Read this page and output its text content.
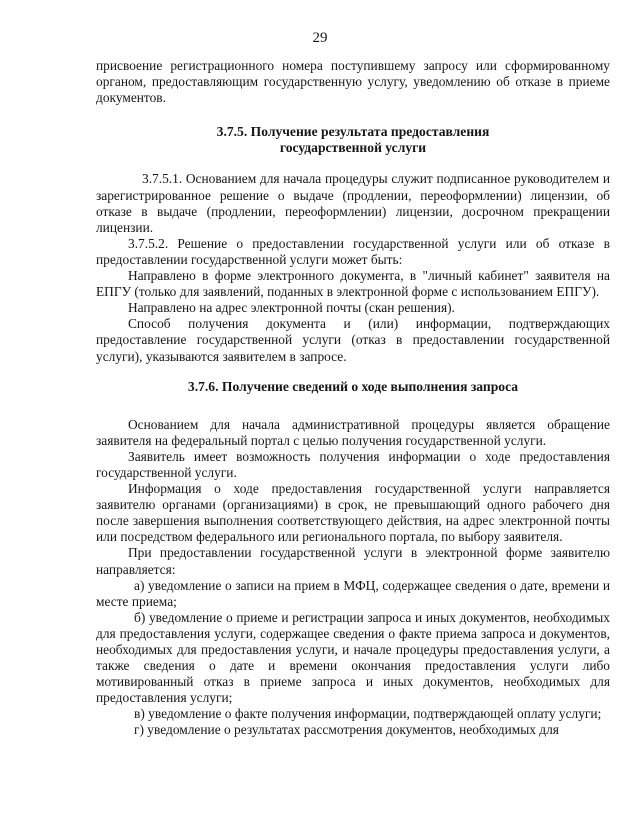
29

присвоение регистрационного номера поступившему запросу или сформированному органом, предоставляющим государственную услугу, уведомлению об отказе в приеме документов.

3.7.5. Получение результата предоставления государственной услуги

3.7.5.1. Основанием для начала процедуры служит подписанное руководителем и зарегистрированное решение о выдаче (продлении, переоформлении) лицензии, об отказе в выдаче (продлении, переоформлении) лицензии, досрочном прекращении лицензии.

3.7.5.2. Решение о предоставлении государственной услуги или об отказе в предоставлении государственной услуги может быть:

Направлено в форме электронного документа, в "личный кабинет" заявителя на ЕПГУ (только для заявлений, поданных в электронной форме с использованием ЕПГУ).

Направлено на адрес электронной почты (скан решения).

Способ получения документа и (или) информации, подтверждающих предоставление государственной услуги (отказ в предоставлении государственной услуги), указываются заявителем в запросе.

3.7.6. Получение сведений о ходе выполнения запроса

Основанием для начала административной процедуры является обращение заявителя на федеральный портал с целью получения государственной услуги.

Заявитель имеет возможность получения информации о ходе предоставления государственной услуги.

Информация о ходе предоставления государственной услуги направляется заявителю органами (организациями) в срок, не превышающий одного рабочего дня после завершения выполнения соответствующего действия, на адрес электронной почты или посредством федерального или регионального портала, по выбору заявителя.

При предоставлении государственной услуги в электронной форме заявителю направляется:

а) уведомление о записи на прием в МФЦ, содержащее сведения о дате, времени и месте приема;

б) уведомление о приеме и регистрации запроса и иных документов, необходимых для предоставления услуги, содержащее сведения о факте приема запроса и документов, необходимых для предоставления услуги, и начале процедуры предоставления услуги, а также сведения о дате и времени окончания предоставления услуги либо мотивированный отказ в приеме запроса и иных документов, необходимых для предоставления услуги;

в) уведомление о факте получения информации, подтверждающей оплату услуги;

г) уведомление о результатах рассмотрения документов, необходимых для
